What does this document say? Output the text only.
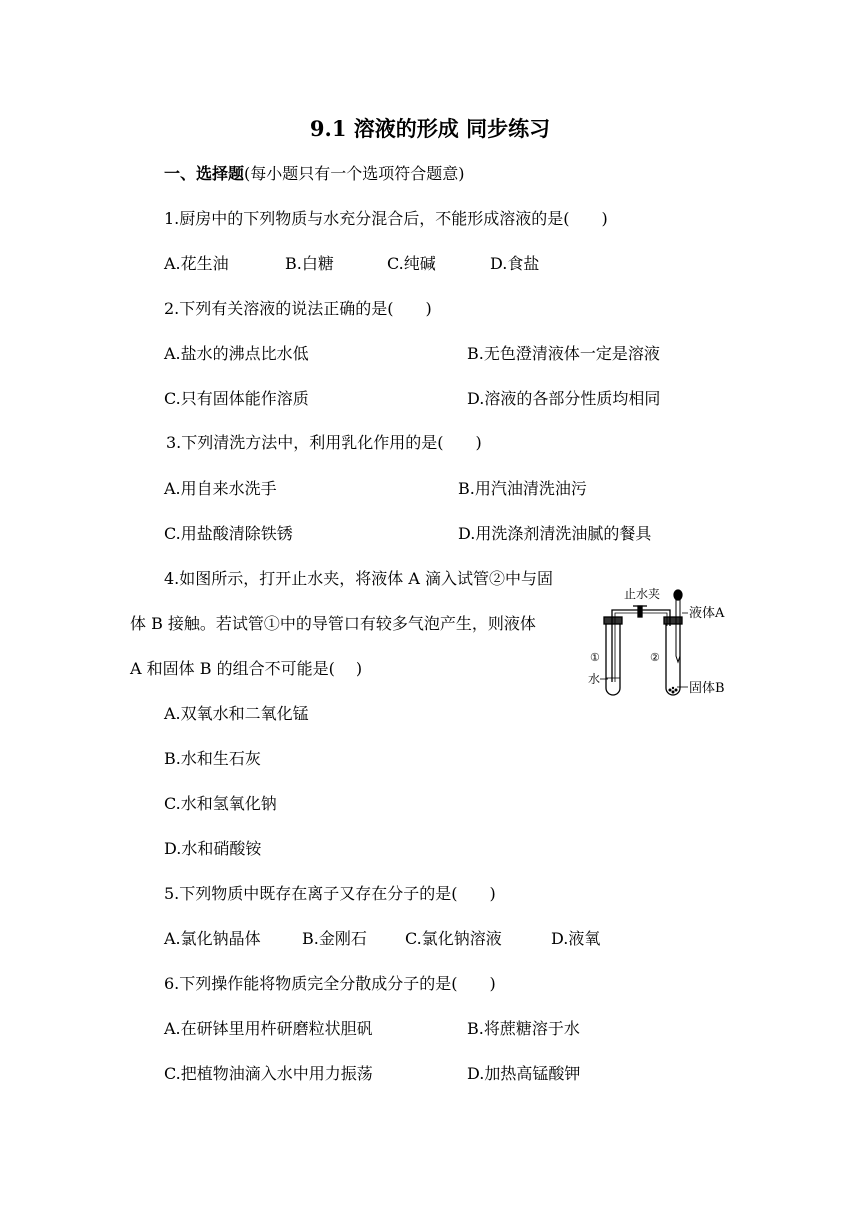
9.1 溶液的形成 同步练习
一、选择题(每小题只有一个选项符合题意)
1.厨房中的下列物质与水充分混合后，不能形成溶液的是(　　)
A.花生油	B.白糖	C.纯碱	D.食盐
2.下列有关溶液的说法正确的是(　　)
A.盐水的沸点比水低	B.无色澄清液体一定是溶液
C.只有固体能作溶质	D.溶液的各部分性质均相同
3.下列清洗方法中，利用乳化作用的是(　　)
A.用自来水洗手	B.用汽油清洗油污
C.用盐酸清除铁锈	D.用洗涤剂清洗油腻的餐具
4.如图所示，打开止水夹，将液体 A 滴入试管②中与固
体 B 接触。若试管①中的导管口有较多气泡产生，则液体
A 和固体 B 的组合不可能是(　 )
A.双氧水和二氧化锰
B.水和生石灰
C.水和氢氧化钠
D.水和硝酸铵
止水夹
液体A
①	②
水
固体B
5.下列物质中既存在离子又存在分子的是(　　)
A.氯化钠晶体	B.金刚石 C.氯化钠溶液	D.液氧
6.下列操作能将物质完全分散成分子的是(　　)
A.在研钵里用杵研磨粒状胆矾	B.将蔗糖溶于水
C.把植物油滴入水中用力振荡	D.加热高锰酸钾
